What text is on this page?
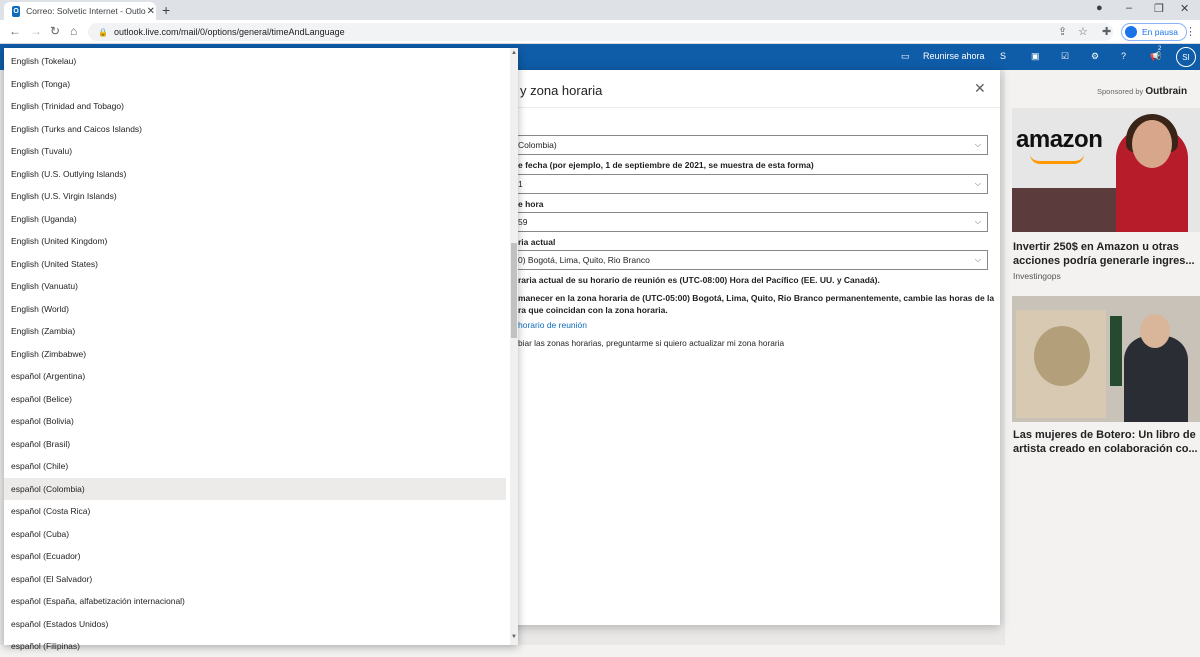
O Correo: Solvetic Internet - Outlo ✕ +	● – ❐ ✕
← → ↻ ⌂	🔒 outlook.live.com/mail/0/options/general/timeAndLanguage	⇪ ☆ ✚	En pausa ⋮
▭ Reunirse ahora S	▣ ☑ ⚙ ?	📢
2
SI
Sponsored by Outbrain
amazon
Invertir 250$ en Amazon u otras
acciones podría generarle ingres...
Investingops
Las mujeres de Botero: Un libro de
artista creado en colaboración co...
y zona horaria	✕
Colombia)	⌵
e fecha (por ejemplo, 1 de septiembre de 2021, se muestra de esta forma)
1	⌵
e hora
59	⌵
ria actual
0) Bogotá, Lima, Quito, Rio Branco	⌵
raria actual de su horario de reunión es (UTC-08:00) Hora del Pacífico (EE. UU. y Canadá).
manecer en la zona horaria de (UTC-05:00) Bogotá, Lima, Quito, Rio Branco permanentemente, cambie las horas de la
ra que coincidan con la zona horaria.
horario de reunión
biar las zonas horarias, preguntarme si quiero actualizar mi zona horaria
English (Tokelau)
English (Tonga)
English (Trinidad and Tobago)
English (Turks and Caicos Islands)
English (Tuvalu)
English (U.S. Outlying Islands)
English (U.S. Virgin Islands)
English (Uganda)
English (United Kingdom)
English (United States)
English (Vanuatu)
English (World)
English (Zambia)
English (Zimbabwe)
español (Argentina)
español (Belice)
español (Bolivia)
español (Brasil)
español (Chile)
español (Colombia)
español (Costa Rica)
español (Cuba)
español (Ecuador)
español (El Salvador)
español (España, alfabetización internacional)
español (Estados Unidos)
español (Filipinas)
▲
▼
